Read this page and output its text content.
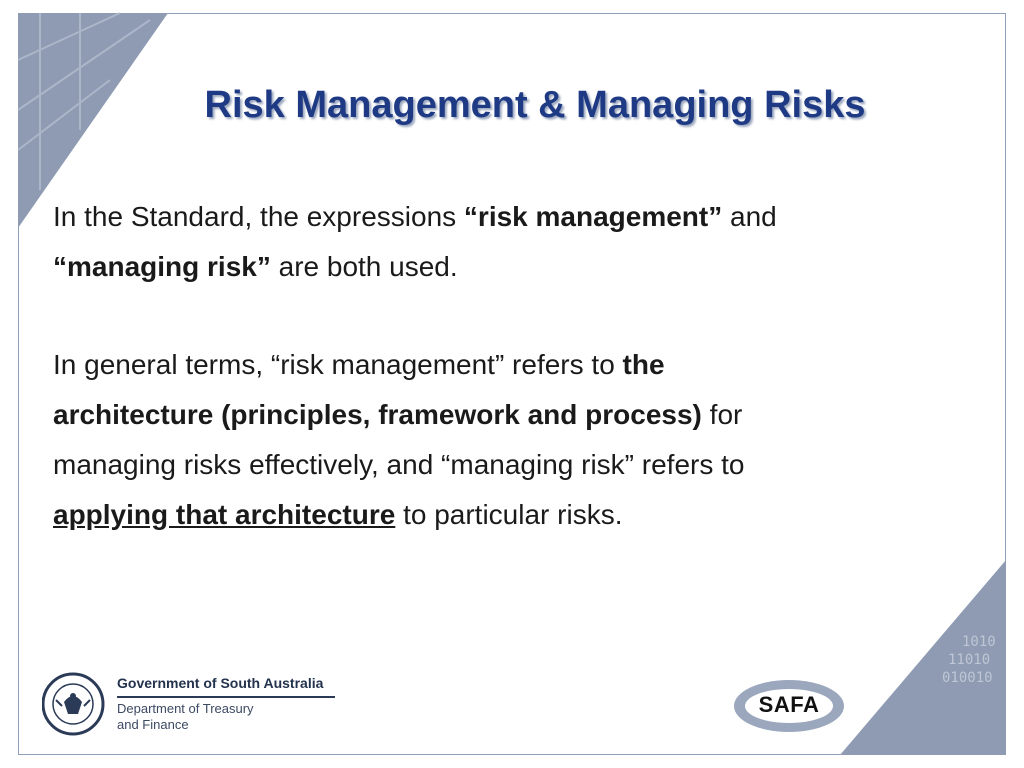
1010
11010
010010
Risk Management & Managing Risks

In the Standard, the expressions “risk management” and

“managing risk” are both used.

In general terms, “risk management” refers to the

architecture (principles, framework and process) for

managing risks effectively, and “managing risk” refers to

applying that architecture to particular risks.

Government of South Australia
Department of Treasury
and Finance
SAFA
